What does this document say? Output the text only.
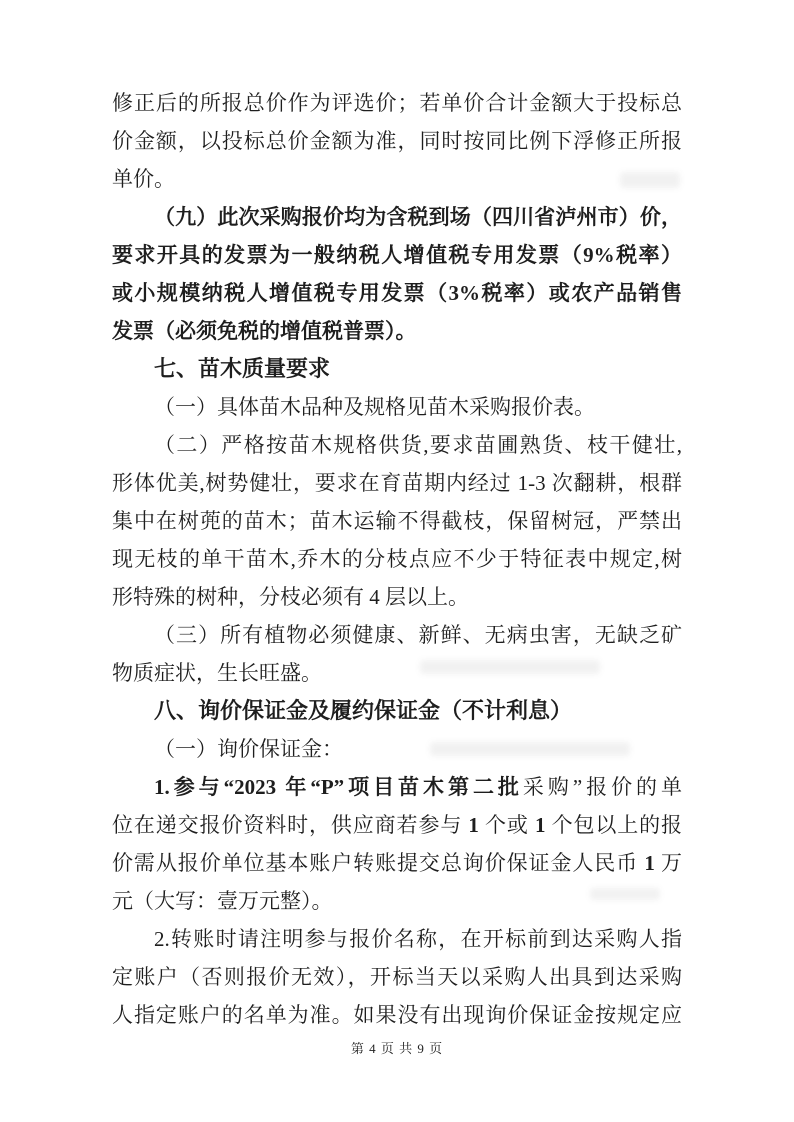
修正后的所报总价作为评选价；若单价合计金额大于投标总

价金额，以投标总价金额为准，同时按同比例下浮修正所报

单价。

（九）此次采购报价均为含税到场（四川省泸州市）价，

要求开具的发票为一般纳税人增值税专用发票（9%税率）

或小规模纳税人增值税专用发票（3%税率）或农产品销售

发票（必须免税的增值税普票）。

七、苗木质量要求

（一）具体苗木品种及规格见苗木采购报价表。

（二）严格按苗木规格供货,要求苗圃熟货、枝干健壮,

形体优美,树势健壮，要求在育苗期内经过 1-3 次翻耕，根群

集中在树蔸的苗木；苗木运输不得截枝，保留树冠，严禁出

现无枝的单干苗木,乔木的分枝点应不少于特征表中规定,树

形特殊的树种，分枝必须有 4 层以上。

（三）所有植物必须健康、新鲜、无病虫害，无缺乏矿

物质症状，生长旺盛。

八、询价保证金及履约保证金（不计利息）

（一）询价保证金：

1.参与“2023 年“P”项目苗木第二批采购”报价的单

位在递交报价资料时，供应商若参与 1 个或 1 个包以上的报

价需从报价单位基本账户转账提交总询价保证金人民币 1 万

元（大写：壹万元整）。

2.转账时请注明参与报价名称，在开标前到达采购人指

定账户（否则报价无效），开标当天以采购人出具到达采购

人指定账户的名单为准。如果没有出现询价保证金按规定应

第 4 页 共 9 页
